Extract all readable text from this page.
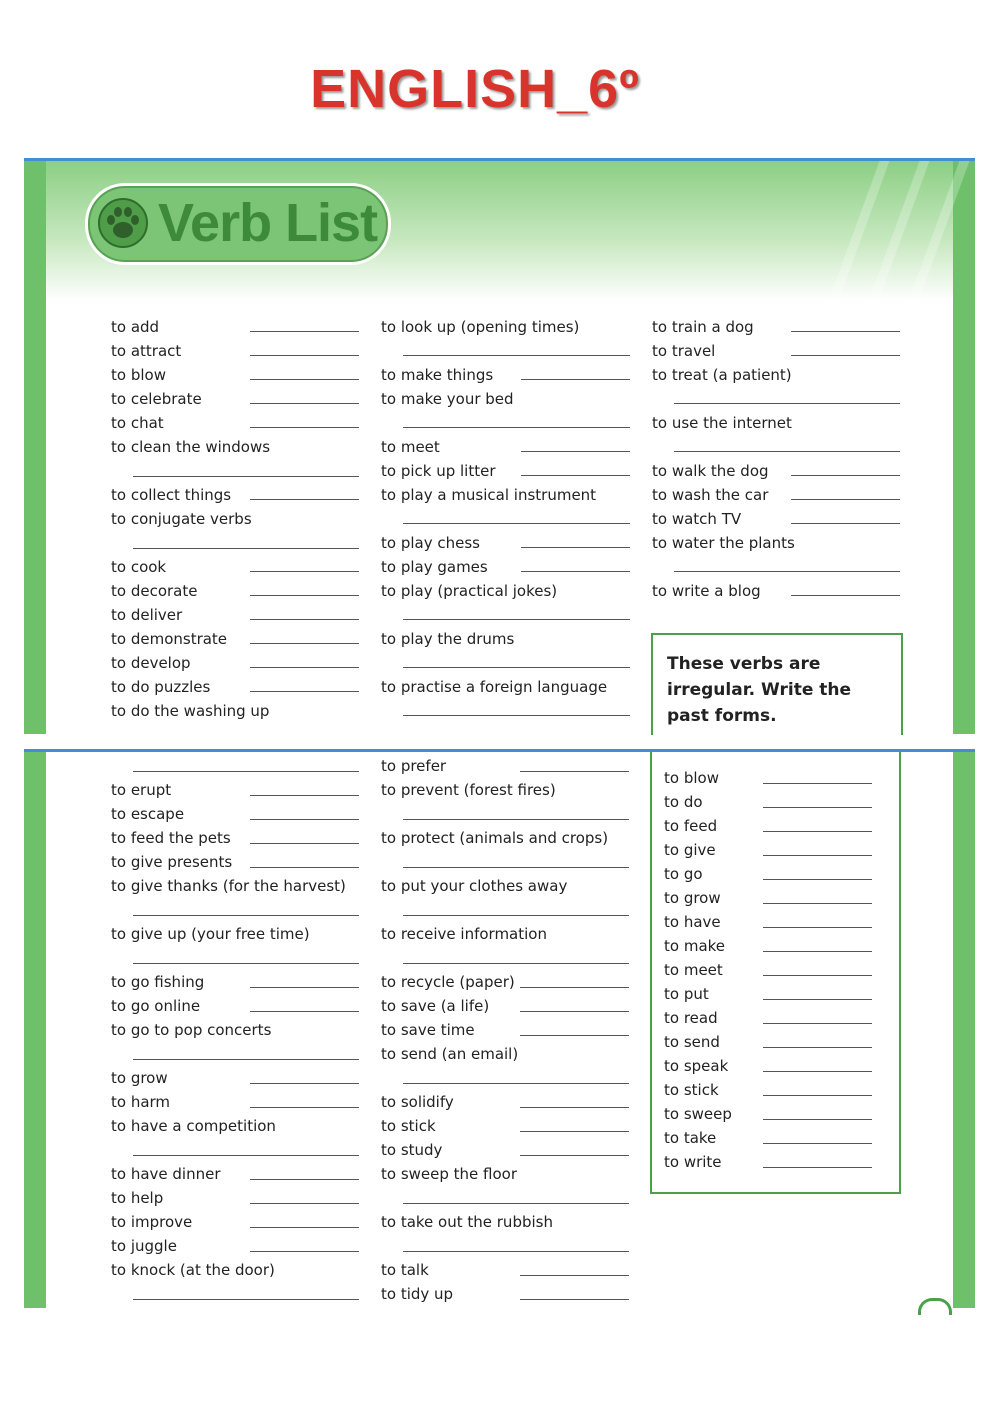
ENGLISH_6º
Verb List
to add
to attract
to blow
to celebrate
to chat
to clean the windows
to collect things
to conjugate verbs
to cook
to decorate
to deliver
to demonstrate
to develop
to do puzzles
to do the washing up
to look up (opening times)
to make things
to make your bed
to meet
to pick up litter
to play a musical instrument
to play chess
to play games
to play (practical jokes)
to play the drums
to practise a foreign language
to train a dog
to travel
to treat (a patient)
to use the internet
to walk the dog
to wash the car
to watch TV
to water the plants
to write a blog
These verbs are irregular. Write the past forms.
to erupt
to escape
to feed the pets
to give presents
to give thanks (for the harvest)
to give up (your free time)
to go fishing
to go online
to go to pop concerts
to grow
to harm
to have a competition
to have dinner
to help
to improve
to juggle
to knock (at the door)
to prefer
to prevent (forest fires)
to protect (animals and crops)
to put your clothes away
to receive information
to recycle (paper)
to save (a life)
to save time
to send (an email)
to solidify
to stick
to study
to sweep the floor
to take out the rubbish
to talk
to tidy up
to blow
to do
to feed
to give
to go
to grow
to have
to make
to meet
to put
to read
to send
to speak
to stick
to sweep
to take
to write
